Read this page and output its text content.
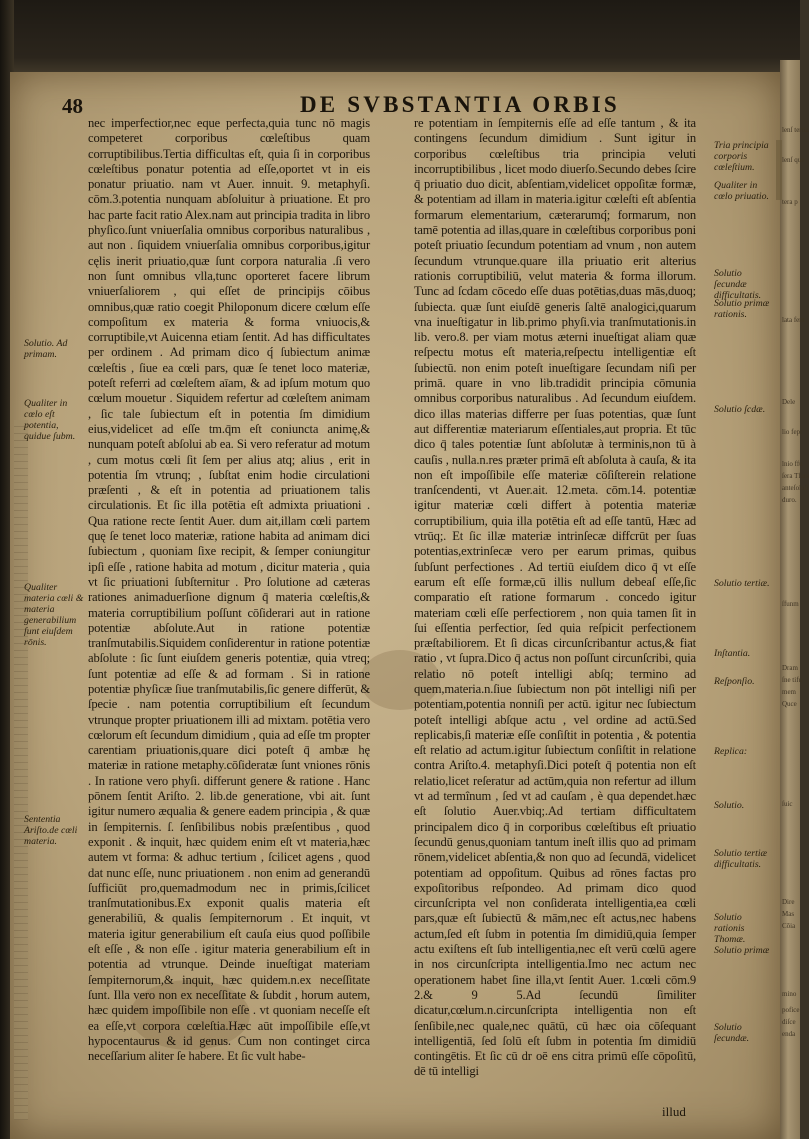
lenſ tertia
lenſ que
tera p
lata fent
Dele
lio fept
lnio ffu
ſera Tſura
anteſoluſi
duro.
ſfunm
Dram
ſne tifu
mem
Quce
ſuic
Dire
Mas
Cōia
mino
pofice
diſce
enda
48	DE SVBSTANTIA ORBIS

nec imperfectior,nec eque perfecta,quia tunc nō magis competeret corporibus cœleſtibus quam corruptibilibus.Tertia difficultas eſt, quia ſi in corporibus cœleſtibus ponatur potentia ad eſſe,oportet vt in eis ponatur priuatio. nam vt Auer. innuit. 9. metaphyſi. cōm.3.potentia nunquam abſoluitur à priuatione. Et pro hac parte facit ratio Alex.nam aut principia tradita in libro phyſico.ſunt vniuerſalia omnibus corporibus naturalibus , aut non . ſiquidem vniuerſalia omnibus corporibus,igitur cęlis inerit priuatio,quæ ſunt corpora naturalia .ſi vero non ſunt omnibus vlla,tunc oporteret facere librum vniuerſaliorem , qui eſſet de principijs cōibus omnibus,quæ ratio coegit Philoponum dicere cœlum eſſe compoſitum ex materia & forma vniuocis,& corruptibile,vt Auicenna etiam ſentit. Ad has difficultates per ordinem . Ad primam dico q́ ſubiectum animæ cœleſtis , ſiue ea cœli pars, quæ ſe tenet loco materiæ, poteſt referri ad cœleſtem aīam, & ad ipſum motum quo cœlum mouetur . Siquidem refertur ad cœleſtem animam , ſic tale ſubiectum eſt in potentia ſm dimidium eius,videlicet ad eſſe tm.q̄m eſt coniuncta animę,& nunquam poteſt abſolui ab ea. Si vero referatur ad motum , cum motus cœli ſit ſem per alius atq; alius , erit in potentia ſm vtrunq; , ſubſtat enim hodie circulationi præſenti , & eſt in potentia ad priuationem talis circulationis. Et ſic illa potētia eſt admixta priuationi . Qua ratione recte ſentit Auer. dum ait,illam cœli partem quę ſe tenet loco materiæ, ratione habita ad animam dici ſubiectum , quoniam ſixe recipit, & ſemper coniungitur ipſi eſſe , ratione habita ad motum , dicitur materia , quia vt ſic priuationi ſubſternitur . Pro ſolutione ad cæteras rationes animaduerſione dignum q̄ materia cœleſtis,& materia corruptibilium poſſunt cōſiderari aut in ratione potentiæ abſolute.Aut in ratione potentiæ tranſmutabilis.Siquidem conſiderentur in ratione potentiæ abſolute : ſic ſunt eiuſdem generis potentiæ, quia vtreq; ſunt potentiæ ad eſſe & ad formam . Si in ratione potentiæ phyſicæ ſiue tranſmutabilis,ſic genere differūt, & ſpecie . nam potentia corruptibilium eſt ſecundum vtrunque propter priuationem illi ad mixtam. potētia vero cœlorum eſt ſecundum dimidium , quia ad eſſe tm propter carentiam priuationis,quare dici poteſt q̄ ambæ hę materiæ in ratione metaphy.cōſideratæ ſunt vniones rōnis . In ratione vero phyſi. differunt genere & ratione . Hanc pōnem ſentit Ariſto. 2. lib.de generatione, vbi ait. ſunt igitur numero æqualia & genere eadem principia , & quæ in ſempiternis. ſ. ſenſibilibus nobis præſentibus , quod exponit . & inquit, hæc quidem enim eſt vt materia,hæc autem vt forma: & adhuc tertium , ſcilicet agens , quod dat nunc eſſe, nunc priuationem . non enim ad generandū ſufficiūt pro,quemadmodum nec in primis,ſcilicet tranſmutationibus.Ex exponit qualis materia eſt generabiliū, & qualis ſempiternorum . Et inquit, vt materia igitur generabilium eſt cauſa eius quod poſſibile eſt eſſe , & non eſſe . igitur materia generabilium eſt in potentia ad vtrunque. Deinde inueſtigat materiam ſempiternorum,& inquit, hæc quidem.n.ex neceſſitate ſunt. Illa vero non ex neceſſitate & ſubdit , horum autem, hæc quidem impoſſibile non eſſe . vt quoniam neceſſe eſt ea eſſe,vt corpora cœleſtia.Hæc aūt impoſſibile eſſe,vt hypocentaurus & id genus. Cum non continget circa neceſſarium aliter ſe habere. Et ſic vult habe-

re potentiam in ſempiternis eſſe ad eſſe tantum , & ita contingens ſecundum dimidium . Sunt igitur in corporibus cœleſtibus tria principia veluti incorruptibilibus , licet modo diuerſo.Secundo debes ſcire q̄ priuatio duo dicit, abſentiam,videlicet oppoſitæ formæ, & potentiam ad illam in materia.igitur cœleſti eſt abſentia formarum elementarium, cæterarumq́; formarum, non tamē potentia ad illas,quare in cœleſtibus corporibus poni poteſt priuatio ſecundum potentiam ad vnum , non autem ſecundum vtrunque.quare illa priuatio erit alterius rationis corruptibiliū, velut materia & forma illorum. Tunc ad ſcdam cōcedo eſſe duas potētias,duas mās,duoq; ſubiecta. quæ ſunt eiuſdē generis ſaltē analogici,quarum vna inueſtigatur in lib.primo phyſi.via tranſmutationis.in lib. vero.8. per viam motus æterni inueſtigat aliam quæ reſpectu motus eſt materia,reſpectu intelligentiæ eſt ſubiectū. non enim poteſt inueſtigare ſecundam niſi per primā. quare in vno lib.tradidit principia cōmunia omnibus corporibus naturalibus . Ad ſecundum eiuſdem. dico illas materias differre per ſuas potentias, quæ ſunt aut differentiæ materiarum eſſentiales,aut propria. Et tūc dico q̄ tales potentiæ ſunt abſolutæ à terminis,non tū à cauſis , nulla.n.res præter primā eſt abſoluta à cauſa, & ita non eſt impoſſibile eſſe materiæ cōſiſterein relatione tranſcendenti, vt Auer.ait. 12.meta. cōm.14. potentiæ igitur materiæ cœli differt à potentia materiæ corruptibilium, quia illa potētia eſt ad eſſe tantū, Hæc ad vtrūq;. Et ſic illæ materiæ intrinſecæ diffcrūt per ſuas potentias,extrinſecæ vero per earum primas, quibus ſubſunt perfectiones . Ad tertiū eiuſdem dico q̄ vt eſſe earum eſt eſſe formæ,cū illis nullum debeaſ eſſe,ſic comparatio eſt ratione formarum . concedo igitur materiam cœli eſſe perfectiorem , non quia tamen ſit in ſui eſſentia perfectior, ſed quia reſpicit perfectionem præſtabiliorem. Et ſi dicas circunſcribantur actus,& fiat ratio , vt ſupra.Dico q̄ actus non poſſunt circunſcribi, quia relatio nō poteſt intelligi abſq; termino ad quem,materia.n.ſiue ſubiectum non pōt intelligi niſi per potentiam,potentia nonniſi per actū. igitur nec ſubiectum poteſt intelligi abſque actu , vel ordine ad actū.Sed replicabis,ſi materiæ eſſe conſiſtit in potentia , & potentia eſt relatio ad actum.igitur ſubiectum conſiſtit in relatione contra Ariſto.4. metaphyſi.Dici poteſt q̄ potentia non eſt relatio,licet reſeratur ad actūm,quia non refertur ad illum vt ad termînum , ſed vt ad cauſam , è qua dependet.hæc eſt ſolutio Auer.vbiq;.Ad tertiam difficultatem principalem dico q̄ in corporibus cœleſtibus eſt priuatio ſecundū genus,quoniam tantum ineſt illis quo ad primam rōnem,videlicet abſentia,& non quo ad ſecundā, videlicet potentiam ad oppoſitum. Quibus ad rōnes factas pro expoſitoribus reſpondeo. Ad primam dico quod circunſcripta vel non conſiderata intelligentia,ea cœli pars,quæ eſt ſubiectū & mām,nec eſt actus,nec habens actum,ſed eſt ſubm in potentia ſm dimidiū,quia ſemper actu exiſtens eſt ſub intelligentia,nec eſt verū cœlū agere in nos circunſcripta intelligentia.Imo nec actum nec operationem habet ſine illa,vt ſentit Auer. 1.cœli cōm.9 2.& 9 5.Ad ſecundū ſimiliter dicatur,cœlum.n.circunſcripta intelligentia non eſt ſenſibile,nec quale,nec quātū, cū hæc oia cōſequant intelligentiā, ſed ſolū eſt ſubm in potentia ſm dimidiū contingētis. Et ſic cū dr oē ens citra primū eſſe cōpoſitū, dē tū intelligi

Solutio. Ad primam.
Qualiter in cœlo eſt potentia, quidue ſubm.
Qualiter materia cœli & materia generabilium ſunt eiuſdem rōnis.
Sententia Ariſto.de cœli materia.
Tria principia corporis cœleſtium.
Qualiter in cœlo priuatio.
Solutio ſecundæ difficultatis.
Solutio primæ rationis.
Solutio ſcdæ.
Solutio tertiæ.
Inſtantia.
Reſponſio.
Replica:
Solutio.
Solutio tertiæ difficultatis.
Solutio rationis Thomæ. Solutio primæ
Solutio ſecundæ.
illud
